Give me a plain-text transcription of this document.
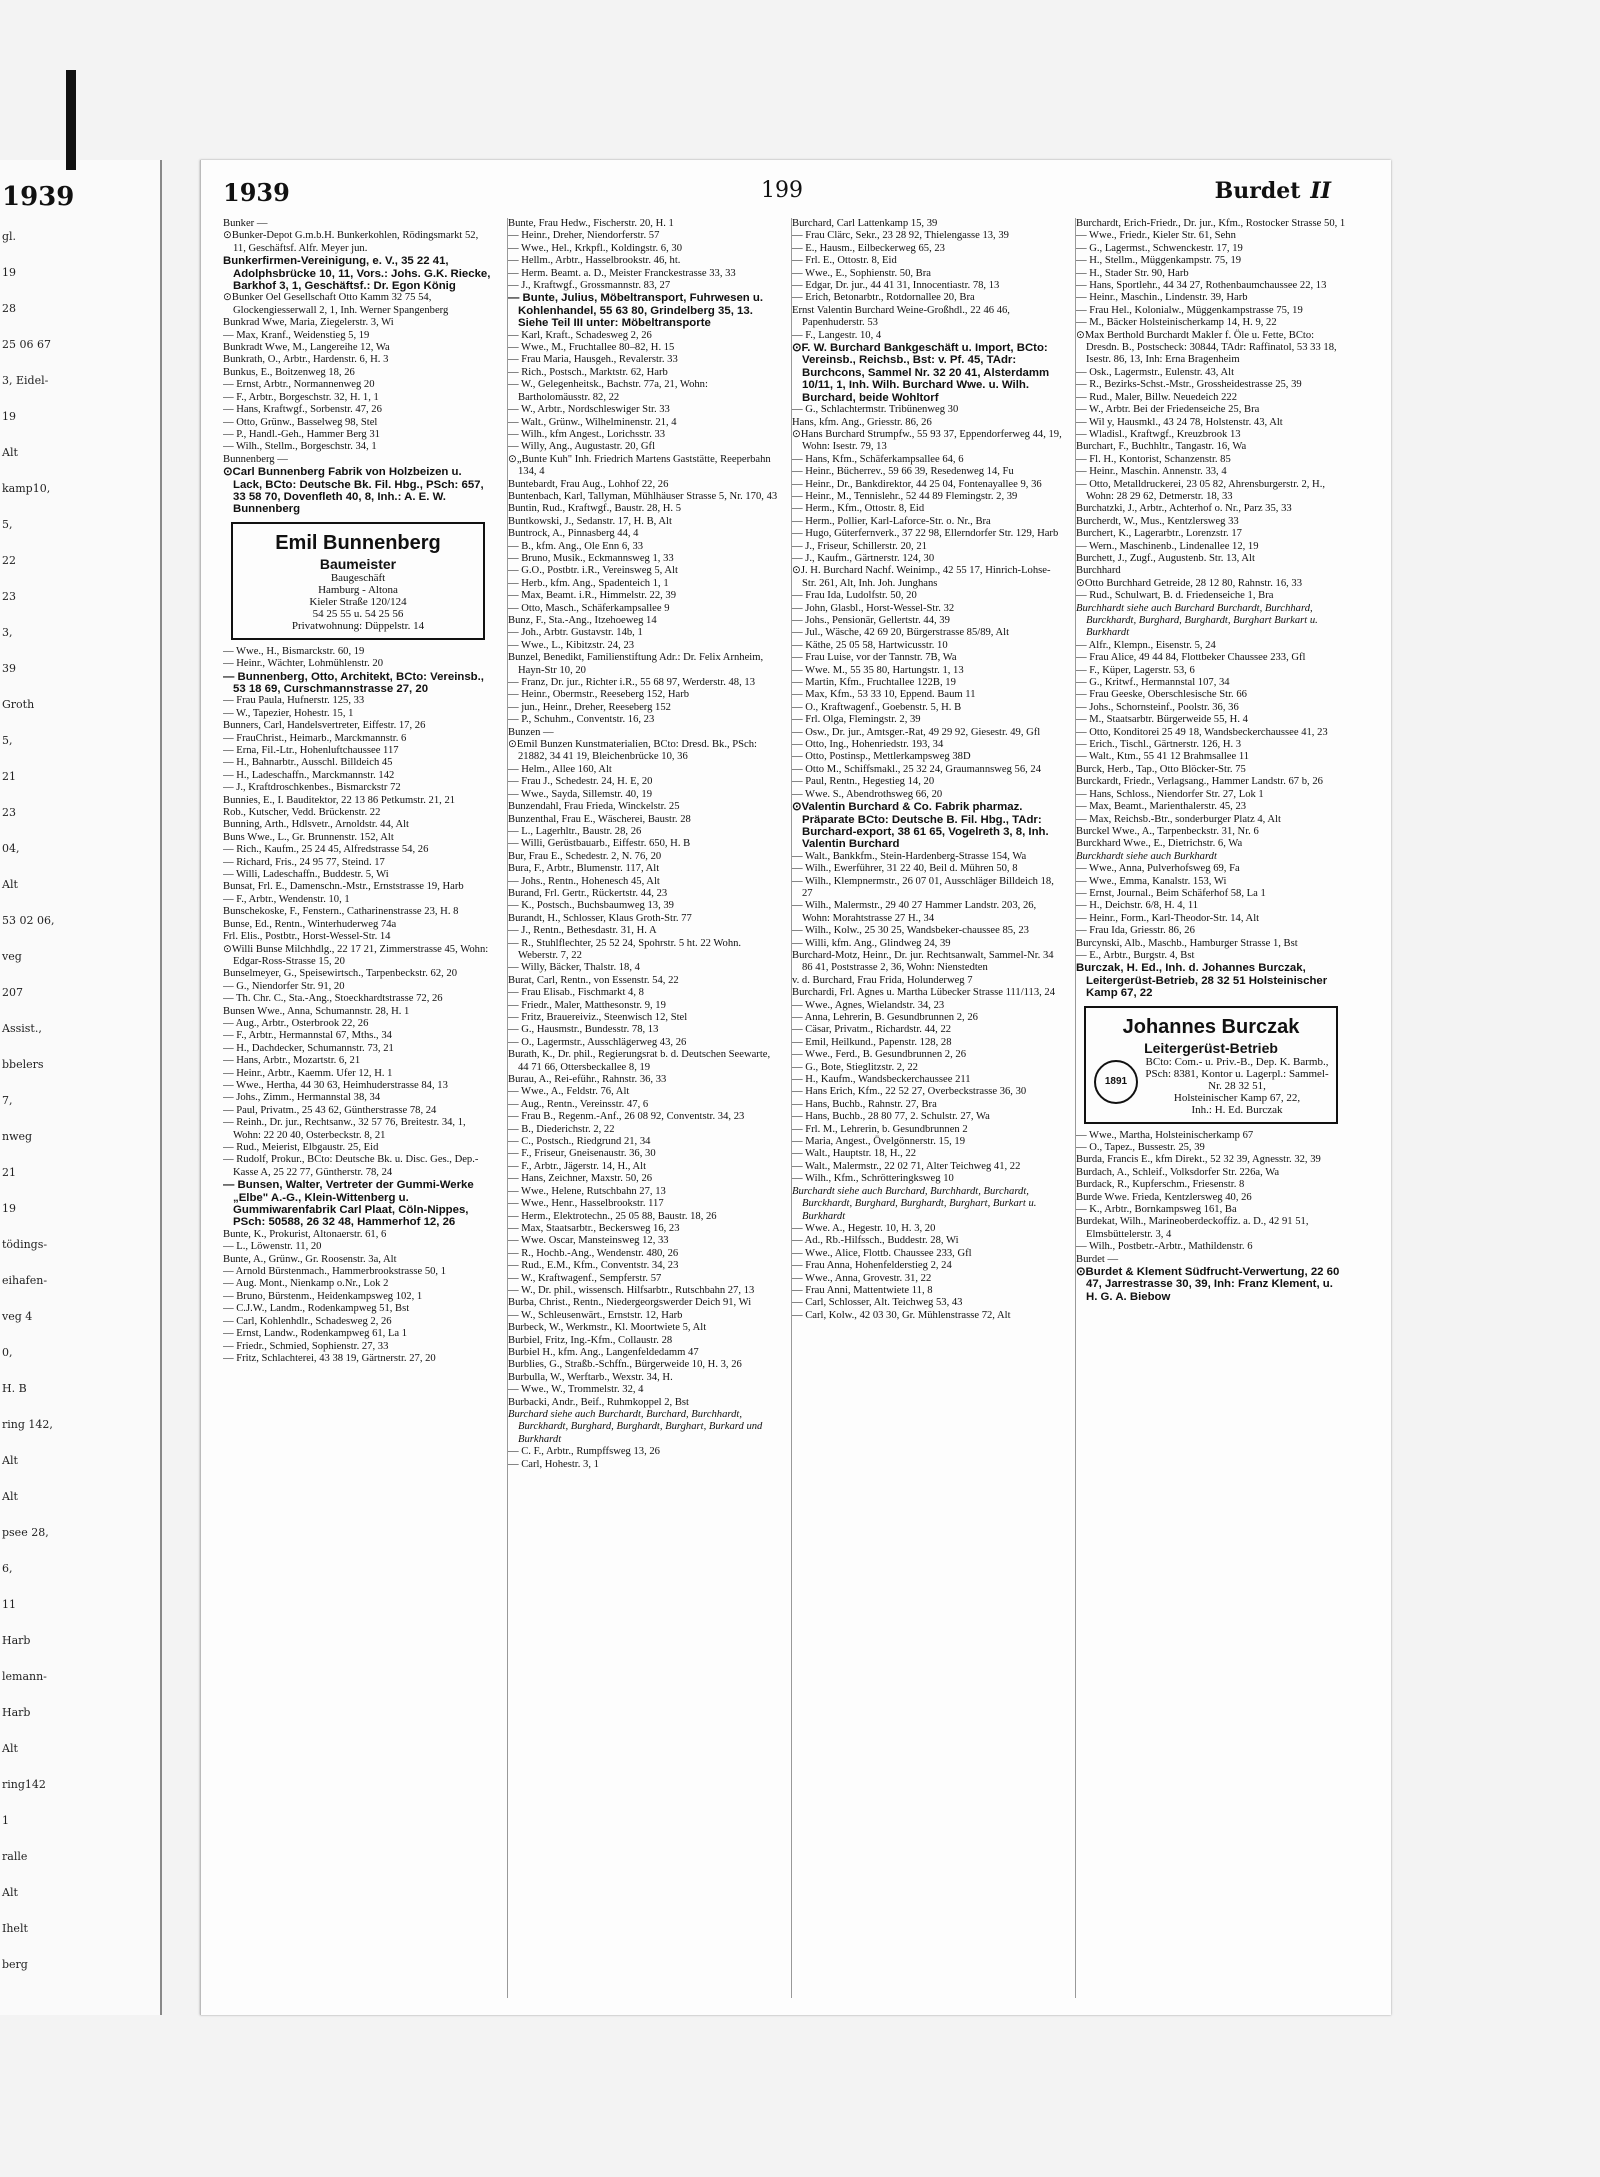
1939
gl.
19
28
25 06 67
3, Eidel-
19
Alt
kamp10,
5,
22
23
3,
39
Groth
5,
21
23
04,
Alt
53 02 06,
veg
207
Assist.,
bbelers
7,
nweg
21
19
tödings-
eihafen-
veg 4
0,
H. B
ring 142,
Alt
Alt
psee 28,
6,
11
Harb
lemann-
Harb
Alt
ring142
1
ralle
Alt
Ihelt
berg
1939	199	Burdet II

Bunker —

⊙ Bunker-Depot G.m.b.H. Bunkerkohlen, Rödingsmarkt 52, 11, Geschäftsf. Alfr. Meyer jun.

Bunkerfirmen-Vereinigung, e. V., 35 22 41, Adolphsbrücke 10, 11, Vors.: Johs. G.K. Riecke, Barkhof 3, 1, Geschäftsf.: Dr. Egon König

⊙ Bunker Oel Gesellschaft Otto Kamm 32 75 54, Glockengiesserwall 2, 1, Inh. Werner Spangenberg

Bunkrad Wwe, Maria, Ziegelerstr. 3, Wi

— Max, Kranf., Weidenstieg 5, 19

Bunkradt Wwe, M., Langereihe 12, Wa

Bunkrath, O., Arbtr., Hardenstr. 6, H. 3

Bunkus, E., Boitzenweg 18, 26

— Ernst, Arbtr., Normannenweg 20

— F., Arbtr., Borgeschstr. 32, H. 1, 1

— Hans, Kraftwgf., Sorbenstr. 47, 26

— Otto, Grünw., Basselweg 98, Stel

— P., Handl.-Geh., Hammer Berg 31

— Wilh., Stellm., Borgeschstr. 34, 1

Bunnenberg —

⊙ Carl Bunnenberg Fabrik von Holzbeizen u. Lack, BCto: Deutsche Bk. Fil. Hbg., PSch: 657, 33 58 70, Dovenfleth 40, 8, Inh.: A. E. W. Bunnenberg

Emil Bunnenberg
Baumeister
Baugeschäft
Hamburg - Altona
Kieler Straße 120/124
54 25 55 u. 54 25 56
Privatwohnung: Düppelstr. 14

— Wwe., H., Bismarckstr. 60, 19

— Heinr., Wächter, Lohmühlenstr. 20

— Bunnenberg, Otto, Architekt, BCto: Vereinsb., 53 18 69, Curschmannstrasse 27, 20

— Frau Paula, Hufnerstr. 125, 33

— W., Tapezier, Hohestr. 15, 1

Bunners, Carl, Handelsvertreter, Eiffestr. 17, 26

— FrauChrist., Heimarb., Marckmannstr. 6

— Erna, Fil.-Ltr., Hohenluftchaussee 117

— H., Bahnarbtr., Ausschl. Billdeich 45

— H., Ladeschaffn., Marckmannstr. 142

— J., Kraftdroschkenbes., Bismarckstr 72

Bunnies, E., I. Bauditektor, 22 13 86 Petkumstr. 21, 21

Rob., Kutscher, Vedd. Brückenstr. 22

Bunning, Arth., Hdlsvetr., Arnoldstr. 44, Alt

Buns Wwe., L., Gr. Brunnenstr. 152, Alt

— Rich., Kaufm., 25 24 45, Alfredstrasse 54, 26

— Richard, Fris., 24 95 77, Steind. 17

— Willi, Ladeschaffn., Buddestr. 5, Wi

Bunsat, Frl. E., Damenschn.-Mstr., Ernststrasse 19, Harb

— F., Arbtr., Wendenstr. 10, 1

Bunschekoske, F., Fenstern., Catharinenstrasse 23, H. 8

Bunse, Ed., Rentn., Winterhuderweg 74a

Frl. Elis., Postbtr., Horst-Wessel-Str. 14

⊙ Willi Bunse Milchhdlg., 22 17 21, Zimmerstrasse 45, Wohn: Edgar-Ross-Strasse 15, 20

Bunselmeyer, G., Speisewirtsch., Tarpenbeckstr. 62, 20

— G., Niendorfer Str. 91, 20

— Th. Chr. C., Sta.-Ang., Stoeckhardtstrasse 72, 26

Bunsen Wwe., Anna, Schumannstr. 28, H. 1

— Aug., Arbtr., Osterbrook 22, 26

— F., Arbtr., Hermannstal 67, Mths., 34

— H., Dachdecker, Schumannstr. 73, 21

— Hans, Arbtr., Mozartstr. 6, 21

— Heinr., Arbtr., Kaemm. Ufer 12, H. 1

— Wwe., Hertha, 44 30 63, Heimhuderstrasse 84, 13

— Johs., Zimm., Hermannstal 38, 34

— Paul, Privatm., 25 43 62, Güntherstrasse 78, 24

— Reinh., Dr. jur., Rechtsanw., 32 57 76, Breitestr. 34, 1, Wohn: 22 20 40, Osterbeckstr. 8, 21

— Rud., Meierist, Elbgaustr. 25, Eid

— Rudolf, Prokur., BCto: Deutsche Bk. u. Disc. Ges., Dep.-Kasse A, 25 22 77, Güntherstr. 78, 24

— Bunsen, Walter, Vertreter der Gummi-Werke „Elbe" A.-G., Klein-Wittenberg u. Gummiwarenfabrik Carl Plaat, Cöln-Nippes, PSch: 50588, 26 32 48, Hammerhof 12, 26

Bunte, K., Prokurist, Altonaerstr. 61, 6

— L., Löwenstr. 11, 20

Bunte, A., Grünw., Gr. Roosenstr. 3a, Alt

— Arnold Bürstenmach., Hammerbrookstrasse 50, 1

— Aug. Mont., Nienkamp o.Nr., Lok 2

— Bruno, Bürstenm., Heidenkampsweg 102, 1

— C.J.W., Landm., Rodenkampweg 51, Bst

— Carl, Kohlenhdlr., Schadesweg 2, 26

— Ernst, Landw., Rodenkampweg 61, La 1

— Friedr., Schmied, Sophienstr. 27, 33

— Fritz, Schlachterei, 43 38 19, Gärtnerstr. 27, 20

Bunte, Frau Hedw., Fischerstr. 20, H. 1

— Heinr., Dreher, Niendorferstr. 57

— Wwe., Hel., Krkpfl., Koldingstr. 6, 30

— Hellm., Arbtr., Hasselbrookstr. 46, ht.

— Herm. Beamt. a. D., Meister Franckestrasse 33, 33

— J., Kraftwgf., Grossmannstr. 83, 27

— Bunte, Julius, Möbeltransport, Fuhrwesen u. Kohlenhandel, 55 63 80, Grindelberg 35, 13. Siehe Teil III unter: Möbeltransporte

— Karl, Kraft., Schadesweg 2, 26

— Wwe., M., Fruchtallee 80–82, H. 15

— Frau Maria, Hausgeh., Revalerstr. 33

— Rich., Postsch., Marktstr. 62, Harb

— W., Gelegenheitsk., Bachstr. 77a, 21, Wohn: Bartholomäusstr. 82, 22

— W., Arbtr., Nordschleswiger Str. 33

— Walt., Grünw., Wilhelminenstr. 21, 4

— Wilh., kfm Angest., Lorichsstr. 33

— Willy, Ang., Augustastr. 20, Gfl

⊙ „Bunte Kuh" Inh. Friedrich Martens Gaststätte, Reeperbahn 134, 4

Buntebardt, Frau Aug., Lohhof 22, 26

Buntenbach, Karl, Tallyman, Mühlhäuser Strasse 5, Nr. 170, 43

Buntin, Rud., Kraftwgf., Baustr. 28, H. 5

Buntkowski, J., Sedanstr. 17, H. B, Alt

Buntrock, A., Pinnasberg 44, 4

— B., kfm. Ang., Ole Enn 6, 33

— Bruno, Musik., Eckmannsweg 1, 33

— G.O., Postbtr. i.R., Vereinsweg 5, Alt

— Herb., kfm. Ang., Spadenteich 1, 1

— Max, Beamt. i.R., Himmelstr. 22, 39

— Otto, Masch., Schäferkampsallee 9

Bunz, F., Sta.-Ang., Itzehoeweg 14

— Joh., Arbtr. Gustavstr. 14b, 1

— Wwe., L., Kibitzstr. 24, 23

Bunzel, Benedikt, Familienstiftung Adr.: Dr. Felix Arnheim, Hayn-Str 10, 20

— Franz, Dr. jur., Richter i.R., 55 68 97, Werderstr. 48, 13

— Heinr., Obermstr., Reeseberg 152, Harb

— jun., Heinr., Dreher, Reeseberg 152

— P., Schuhm., Conventstr. 16, 23

Bunzen —

⊙ Emil Bunzen Kunstmaterialien, BCto: Dresd. Bk., PSch: 21882, 34 41 19, Bleichenbrücke 10, 36

— Helm., Allee 160, Alt

— Frau J., Schedestr. 24, H. E, 20

— Wwe., Sayda, Sillemstr. 40, 19

Bunzendahl, Frau Frieda, Winckelstr. 25

Bunzenthal, Frau E., Wäscherei, Baustr. 28

— L., Lagerhltr., Baustr. 28, 26

— Willi, Gerüstbauarb., Eiffestr. 650, H. B

Bur, Frau E., Schedestr. 2, N. 76, 20

Bura, F., Arbtr., Blumenstr. 117, Alt

— Johs., Rentn., Hohenesch 45, Alt

Burand, Frl. Gertr., Rückertstr. 44, 23

— K., Postsch., Buchsbaumweg 13, 39

Burandt, H., Schlosser, Klaus Groth-Str. 77

— J., Rentn., Bethesdastr. 31, H. A

— R., Stuhlflechter, 25 52 24, Spohrstr. 5 ht. 22 Wohn. Weberstr. 7, 22

— Willy, Bäcker, Thalstr. 18, 4

Burat, Carl, Rentn., von Essenstr. 54, 22

— Frau Elisab., Fischmarkt 4, 8

— Friedr., Maler, Matthesonstr. 9, 19

— Fritz, Brauereiviz., Steenwisch 12, Stel

— G., Hausmstr., Bundesstr. 78, 13

— O., Lagermstr., Ausschlägerweg 43, 26

Burath, K., Dr. phil., Regierungsrat b. d. Deutschen Seewarte, 44 71 66, Ottersbeckallee 8, 19

Burau, A., Rei-eführ., Rahnstr. 36, 33

— Wwe., A., Feldstr. 76, Alt

— Aug., Rentn., Vereinsstr. 47, 6

— Frau B., Regenm.-Anf., 26 08 92, Conventstr. 34, 23

— B., Diederichstr. 2, 22

— C., Postsch., Riedgrund 21, 34

— F., Friseur, Gneisenaustr. 36, 30

— F., Arbtr., Jägerstr. 14, H., Alt

— Hans, Zeichner, Maxstr. 50, 26

— Wwe., Helene, Rutschbahn 27, 13

— Wwe., Henr., Hasselbrookstr. 117

— Herm., Elektrotechn., 25 05 88, Baustr. 18, 26

— Max, Staatsarbtr., Beckersweg 16, 23

— Wwe. Oscar, Mansteinsweg 12, 33

— R., Hochb.-Ang., Wendenstr. 480, 26

— Rud., E.M., Kfm., Conventstr. 34, 23

— W., Kraftwagenf., Sempferstr. 57

— W., Dr. phil., wissensch. Hilfsarbtr., Rutschbahn 27, 13

Burba, Christ., Rentn., Niedergeorgswerder Deich 91, Wi

— W., Schleusenwärt., Ernststr. 12, Harb

Burbeck, W., Werkmstr., Kl. Moortwiete 5, Alt

Burbiel, Fritz, Ing.-Kfm., Collaustr. 28

Burbiel H., kfm. Ang., Langenfeldedamm 47

Burblies, G., Straßb.-Schffn., Bürgerweide 10, H. 3, 26

Burbulla, W., Werftarb., Wexstr. 34, H.

— Wwe., W., Trommelstr. 32, 4

Burbacki, Andr., Beif., Ruhmkoppel 2, Bst

Burchard siehe auch Burchardt, Burchard, Burchhardt, Burckhardt, Burghard, Burghardt, Burghart, Burkard und Burkhardt

— C. F., Arbtr., Rumpffsweg 13, 26

— Carl, Hohestr. 3, 1

Burchard, Carl Lattenkamp 15, 39

— Frau Clärc, Sekr., 23 28 92, Thielengasse 13, 39

— E., Hausm., Eilbeckerweg 65, 23

— Frl. E., Ottostr. 8, Eid

— Wwe., E., Sophienstr. 50, Bra

— Edgar, Dr. jur., 44 41 31, Innocentiastr. 78, 13

— Erich, Betonarbtr., Rotdornallee 20, Bra

Ernst Valentin Burchard Weine-Großhdl., 22 46 46, Papenhuderstr. 53

— F., Langestr. 10, 4

⊙ F. W. Burchard Bankgeschäft u. Import, BCto: Vereinsb., Reichsb., Bst: v. Pf. 45, TAdr: Burchcons, Sammel Nr. 32 20 41, Alsterdamm 10/11, 1, Inh. Wilh. Burchard Wwe. u. Wilh. Burchard, beide Wohltorf

— G., Schlachtermstr. Tribünenweg 30

Hans, kfm. Ang., Griesstr. 86, 26

⊙ Hans Burchard Strumpfw., 55 93 37, Eppendorferweg 44, 19, Wohn: Isestr. 79, 13

— Hans, Kfm., Schäferkampsallee 64, 6

— Heinr., Bücherrev., 59 66 39, Resedenweg 14, Fu

— Heinr., Dr., Bankdirektor, 44 25 04, Fontenayallee 9, 36

— Heinr., M., Tennislehr., 52 44 89 Flemingstr. 2, 39

— Herm., Kfm., Ottostr. 8, Eid

— Herm., Pollier, Karl-Laforce-Str. o. Nr., Bra

— Hugo, Güterfernverk., 37 22 98, Ellerndorfer Str. 129, Harb

— J., Friseur, Schillerstr. 20, 21

— J., Kaufm., Gärtnerstr. 124, 30

⊙ J. H. Burchard Nachf. Weinimp., 42 55 17, Hinrich-Lohse-Str. 261, Alt, Inh. Joh. Junghans

— Frau Ida, Ludolfstr. 50, 20

— John, Glasbl., Horst-Wessel-Str. 32

— Johs., Pensionär, Gellertstr. 44, 39

— Jul., Wäsche, 42 69 20, Bürgerstrasse 85/89, Alt

— Käthe, 25 05 58, Hartwicusstr. 10

— Frau Luise, vor der Tannstr. 7B, Wa

— Wwe. M., 55 35 80, Hartungstr. 1, 13

— Martin, Kfm., Fruchtallee 122B, 19

— Max, Kfm., 53 33 10, Eppend. Baum 11

— O., Kraftwagenf., Goebenstr. 5, H. B

— Frl. Olga, Flemingstr. 2, 39

— Osw., Dr. jur., Amtsger.-Rat, 49 29 92, Giesestr. 49, Gfl

— Otto, Ing., Hohenriedstr. 193, 34

— Otto, Postinsp., Mettlerkampsweg 38D

— Otto M., Schiffsmakl., 25 32 24, Graumannsweg 56, 24

— Paul, Rentn., Hegestieg 14, 20

— Wwe. S., Abendrothsweg 66, 20

⊙ Valentin Burchard & Co. Fabrik pharmaz. Präparate BCto: Deutsche B. Fil. Hbg., TAdr: Burchard-export, 38 61 65, Vogelreth 3, 8, Inh. Valentin Burchard

— Walt., Bankkfm., Stein-Hardenberg-Strasse 154, Wa

— Wilh., Ewerführer, 31 22 40, Beil d. Mühren 50, 8

— Wilh., Klempnermstr., 26 07 01, Ausschläger Billdeich 18, 27

— Wilh., Malermstr., 29 40 27 Hammer Landstr. 203, 26, Wohn: Morahtstrasse 27 H., 34

— Wilh., Kolw., 25 30 25, Wandsbeker-chaussee 85, 23

— Willi, kfm. Ang., Glindweg 24, 39

Burchard-Motz, Heinr., Dr. jur. Rechtsanwalt, Sammel-Nr. 34 86 41, Poststrasse 2, 36, Wohn: Nienstedten

v. d. Burchard, Frau Frida, Holunderweg 7

Burchardi, Frl. Agnes u. Martha Lübecker Strasse 111/113, 24

— Wwe., Agnes, Wielandstr. 34, 23

— Anna, Lehrerin, B. Gesundbrunnen 2, 26

— Cäsar, Privatm., Richardstr. 44, 22

— Emil, Heilkund., Papenstr. 128, 28

— Wwe., Ferd., B. Gesundbrunnen 2, 26

— G., Bote, Stieglitzstr. 2, 22

— H., Kaufm., Wandsbeckerchaussee 211

— Hans Erich, Kfm., 22 52 27, Overbeckstrasse 36, 30

— Hans, Buchb., Rahnstr. 27, Bra

— Hans, Buchb., 28 80 77, 2. Schulstr. 27, Wa

— Frl. M., Lehrerin, b. Gesundbrunnen 2

— Maria, Angest., Övelgönnerstr. 15, 19

— Walt., Hauptstr. 18, H., 22

— Walt., Malermstr., 22 02 71, Alter Teichweg 41, 22

— Wilh., Kfm., Schrötteringksweg 10

Burchardt siehe auch Burchard, Burchhardt, Burchardt, Burckhardt, Burghard, Burghardt, Burghart, Burkart u. Burkhardt

— Wwe. A., Hegestr. 10, H. 3, 20

— Ad., Rb.-Hilfssch., Buddestr. 28, Wi

— Wwe., Alice, Flottb. Chaussee 233, Gfl

— Frau Anna, Hohenfelderstieg 2, 24

— Wwe., Anna, Grovestr. 31, 22

— Frau Anni, Mattentwiete 11, 8

— Carl, Schlosser, Alt. Teichweg 53, 43

— Carl, Kolw., 42 03 30, Gr. Mühlenstrasse 72, Alt

Burchardt, Erich-Friedr., Dr. jur., Kfm., Rostocker Strasse 50, 1

— Wwe., Friedr., Kieler Str. 61, Sehn

— G., Lagermst., Schwenckestr. 17, 19

— H., Stellm., Müggenkampstr. 75, 19

— H., Stader Str. 90, Harb

— Hans, Sportlehr., 44 34 27, Rothenbaumchaussee 22, 13

— Heinr., Maschin., Lindenstr. 39, Harb

— Frau Hel., Kolonialw., Müggenkampstrasse 75, 19

— M., Bäcker Holsteinischerkamp 14, H. 9, 22

⊙ Max Berthold Burchardt Makler f. Öle u. Fette, BCto: Dresdn. B., Postscheck: 30844, TAdr: Raffinatol, 53 33 18, Isestr. 86, 13, Inh: Erna Bragenheim

— Osk., Lagermstr., Eulenstr. 43, Alt

— R., Bezirks-Schst.-Mstr., Grossheidestrasse 25, 39

— Rud., Maler, Billw. Neuedeich 222

— W., Arbtr. Bei der Friedenseiche 25, Bra

— Wil y, Hausmkl., 43 24 78, Holstenstr. 43, Alt

— Wladisl., Kraftwgf., Kreuzbrook 13

Burchart, F., Buchhltr., Tangastr. 16, Wa

— Fl. H., Kontorist, Schanzenstr. 85

— Heinr., Maschin. Annenstr. 33, 4

— Otto, Metalldruckerei, 23 05 82, Ahrensburgerstr. 2, H., Wohn: 28 29 62, Detmerstr. 18, 33

Burchatzki, J., Arbtr., Achterhof o. Nr., Parz 35, 33

Burcherdt, W., Mus., Kentzlersweg 33

Burchert, K., Lagerarbtr., Lorenzstr. 17

— Wern., Maschinenb., Lindenallee 12, 19

Burchett, J., Zugf., Augustenb. Str. 13, Alt

Burchhard

⊙ Otto Burchhard Getreide, 28 12 80, Rahnstr. 16, 33

— Rud., Schulwart, B. d. Friedenseiche 1, Bra

Burchhardt siehe auch Burchard Burchardt, Burchhard, Burckhardt, Burghard, Burghardt, Burghart Burkart u. Burkhardt

— Alfr., Klempn., Eisenstr. 5, 24

— Frau Alice, 49 44 84, Flottbeker Chaussee 233, Gfl

— F., Küper, Lagerstr. 53, 6

— G., Kritwf., Hermannstal 107, 34

— Frau Geeske, Oberschlesische Str. 66

— Johs., Schornsteinf., Poolstr. 36, 36

— M., Staatsarbtr. Bürgerweide 55, H. 4

— Otto, Konditorei 25 49 18, Wandsbeckerchaussee 41, 23

— Erich., Tischl., Gärtnerstr. 126, H. 3

— Walt., Ktm., 55 41 12 Brahmsallee 11

Burck, Herb., Tap., Otto Blöcker-Str. 75

Burckardt, Friedr., Verlagsang., Hammer Landstr. 67 b, 26

— Hans, Schloss., Niendorfer Str. 27, Lok 1

— Max, Beamt., Marienthalerstr. 45, 23

— Max, Reichsb.-Btr., sonderburger Platz 4, Alt

Burckel Wwe., A., Tarpenbeckstr. 31, Nr. 6

Burckhard Wwe., E., Dietrichstr. 6, Wa

Burckhardt siehe auch Burkhardt

— Wwe., Anna, Pulverhofsweg 69, Fa

— Wwe., Emma, Kanalstr. 153, Wi

— Ernst, Journal., Beim Schäferhof 58, La 1

— H., Deichstr. 6/8, H. 4, 11

— Heinr., Form., Karl-Theodor-Str. 14, Alt

— Frau Ida, Griesstr. 86, 26

Burcynski, Alb., Maschb., Hamburger Strasse 1, Bst

— E., Arbtr., Burgstr. 4, Bst

Burczak, H. Ed., Inh. d. Johannes Burczak, Leitergerüst-Betrieb, 28 32 51 Holsteinischer Kamp 67, 22

Johannes Burczak
Leitergerüst-Betrieb
1891
BCto: Com.- u. Priv.-B., Dep. K. Barmb., PSch: 8381, Kontor u. Lagerpl.: Sammel-Nr. 28 32 51,
Holsteinischer Kamp 67, 22,
Inh.: H. Ed. Burczak

— Wwe., Martha, Holsteinischerkamp 67

— O., Tapez., Bussestr. 25, 39

Burda, Francis E., kfm Direkt., 52 32 39, Agnesstr. 32, 39

Burdach, A., Schleif., Volksdorfer Str. 226a, Wa

Burdack, R., Kupferschm., Friesenstr. 8

Burde Wwe. Frieda, Kentzlersweg 40, 26

— K., Arbtr., Bornkampsweg 161, Ba

Burdekat, Wilh., Marineoberdeckoffiz. a. D., 42 91 51, Elmsbüttelerstr. 3, 4

— Wilh., Postbetr.-Arbtr., Mathildenstr. 6

Burdet —

⊙ Burdet & Klement Südfrucht-Verwertung, 22 60 47, Jarrestrasse 30, 39, Inh: Franz Klement, u. H. G. A. Biebow
